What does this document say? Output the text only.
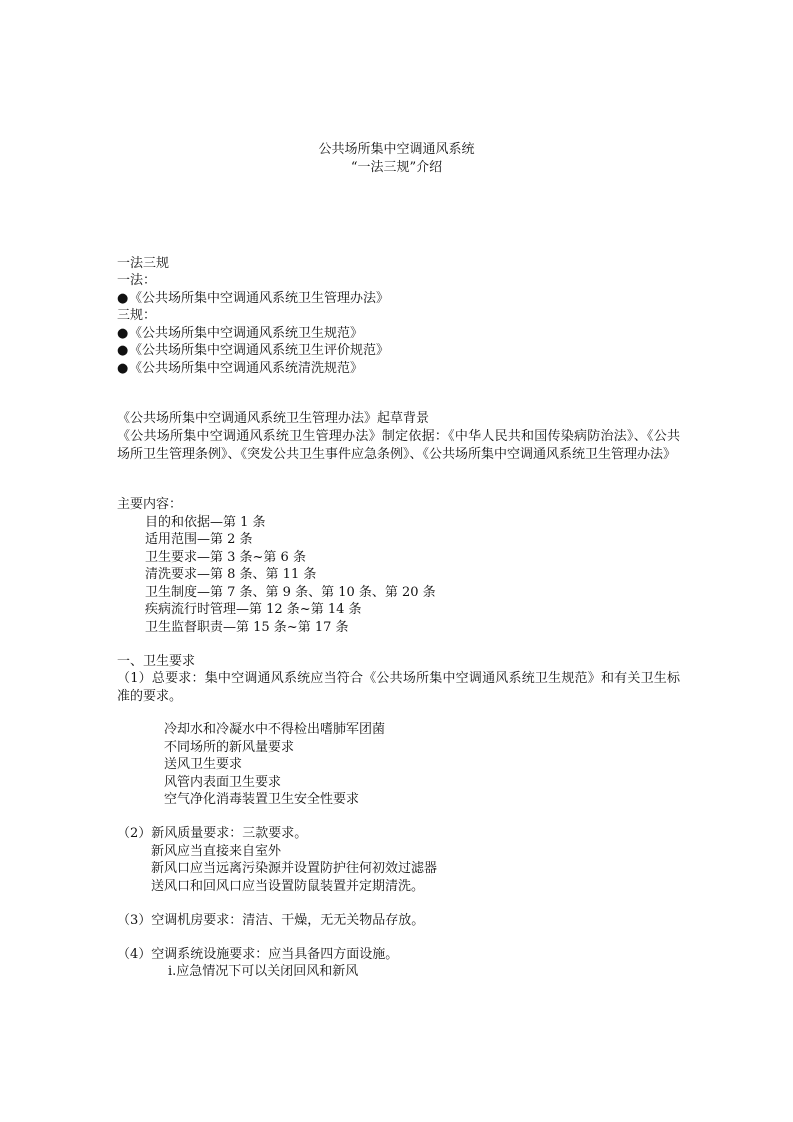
公共场所集中空调通风系统
“一法三规”介绍
一法三规
一法：
●《公共场所集中空调通风系统卫生管理办法》
三规：
●《公共场所集中空调通风系统卫生规范》
●《公共场所集中空调通风系统卫生评价规范》
●《公共场所集中空调通风系统清洗规范》
《公共场所集中空调通风系统卫生管理办法》起草背景
《公共场所集中空调通风系统卫生管理办法》制定依据：《中华人民共和国传染病防治法》、《公共场所卫生管理条例》、《突发公共卫生事件应急条例》、《公共场所集中空调通风系统卫生管理办法》
主要内容：
目的和依据—第 1 条
适用范围—第 2 条
卫生要求—第 3 条~第 6 条
清洗要求—第 8 条、第 11 条
卫生制度—第 7 条、第 9 条、第 10 条、第 20 条
疾病流行时管理—第 12 条~第 14 条
卫生监督职责—第 15 条~第 17 条
一、卫生要求
（1）总要求：集中空调通风系统应当符合《公共场所集中空调通风系统卫生规范》和有关卫生标准的要求。
冷却水和冷凝水中不得检出嗜肺军团菌
不同场所的新风量要求
送风卫生要求
风管内表面卫生要求
空气净化消毒装置卫生安全性要求
（2）新风质量要求：三款要求。
新风应当直接来自室外
新风口应当远离污染源并设置防护往何初效过滤器
送风口和回风口应当设置防鼠装置并定期清洗。
（3）空调机房要求：清洁、干燥，无无关物品存放。
（4）空调系统设施要求：应当具备四方面设施。
i.应急情况下可以关闭回风和新风
